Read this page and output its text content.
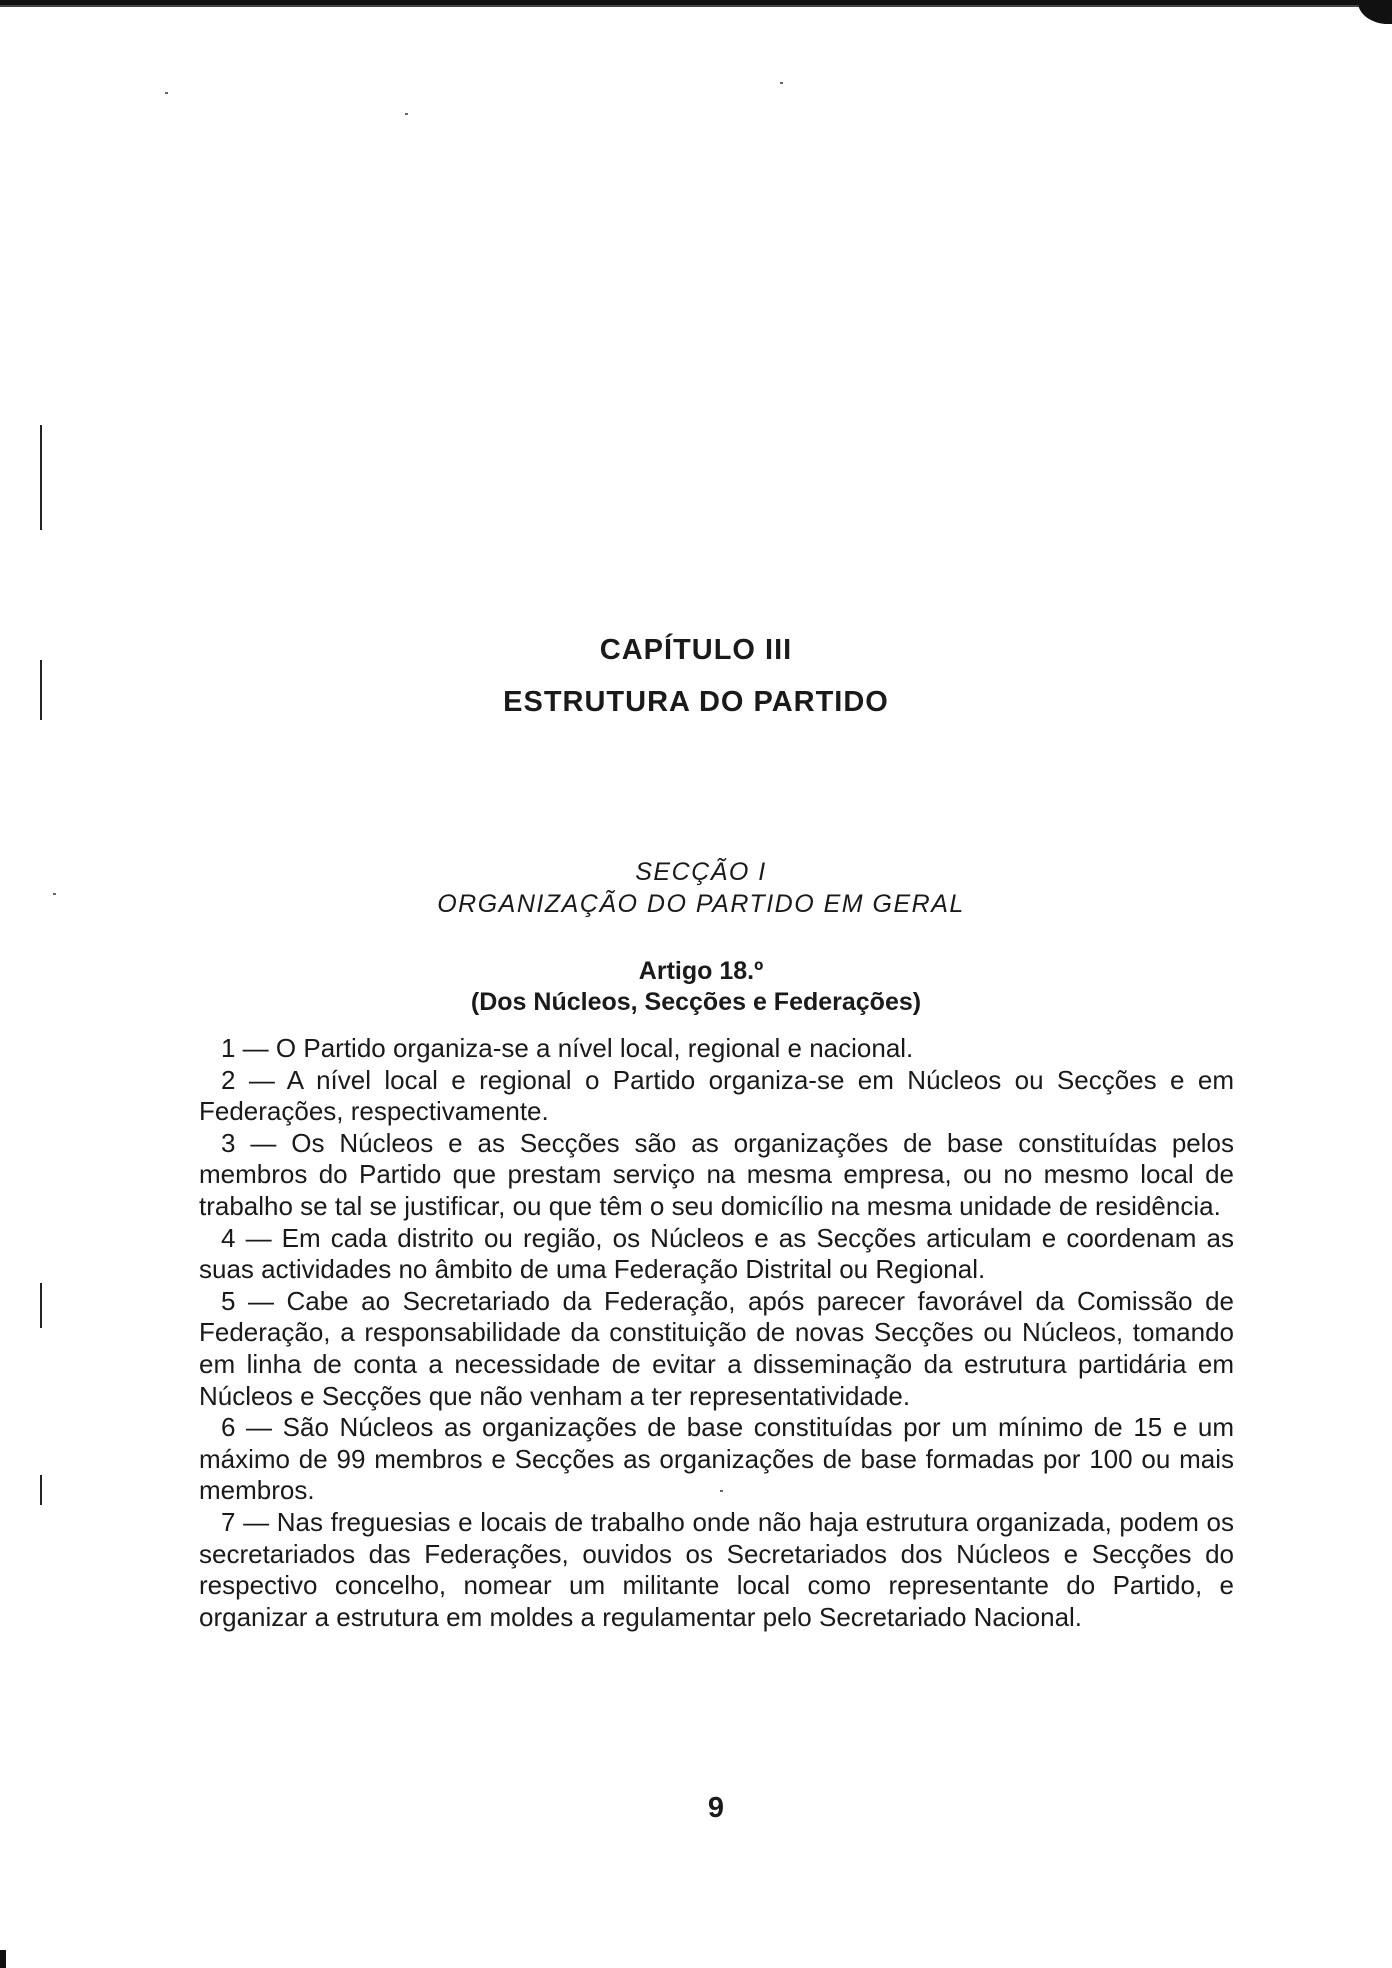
CAPÍTULO III
ESTRUTURA DO PARTIDO
SECÇÃO I
ORGANIZAÇÃO DO PARTIDO EM GERAL
Artigo 18.º
(Dos Núcleos, Secções e Federações)

1 — O Partido organiza-se a nível local, regional e nacional.

2 — A nível local e regional o Partido organiza-se em Núcleos ou Secções e em Federações, respectivamente.

3 — Os Núcleos e as Secções são as organizações de base constituídas pelos membros do Partido que prestam serviço na mesma empresa, ou no mesmo local de trabalho se tal se justificar, ou que têm o seu domicílio na mesma unidade de residência.

4 — Em cada distrito ou região, os Núcleos e as Secções articulam e coordenam as suas actividades no âmbito de uma Federação Distrital ou Regional.

5 — Cabe ao Secretariado da Federação, após parecer favorável da Comissão de Federação, a responsabilidade da constituição de novas Secções ou Núcleos, tomando em linha de conta a necessidade de evitar a disseminação da estrutura partidária em Núcleos e Secções que não venham a ter representatividade.

6 — São Núcleos as organizações de base constituídas por um mínimo de 15 e um máximo de 99 membros e Secções as organizações de base formadas por 100 ou mais membros.

7 — Nas freguesias e locais de trabalho onde não haja estrutura organizada, podem os secretariados das Federações, ouvidos os Secretariados dos Núcleos e Secções do respectivo concelho, nomear um militante local como representante do Partido, e organizar a estrutura em moldes a regulamentar pelo Secretariado Nacional.

9
